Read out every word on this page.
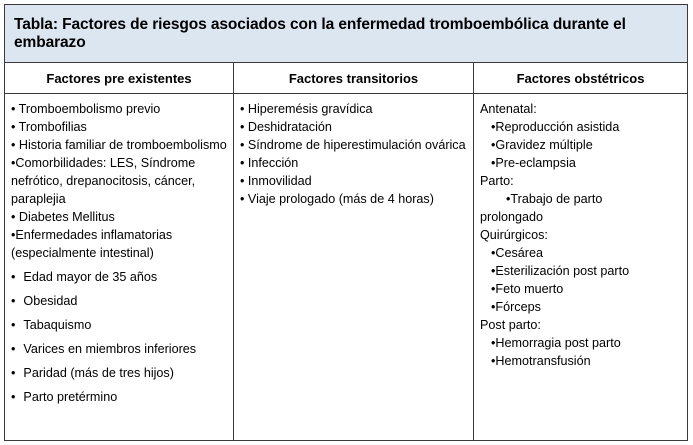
Tabla: Factores de riesgos asociados con la enfermedad tromboembólica durante el embarazo
Factores pre existentes
• Tromboembolismo previo
• Trombofilias
• Historia familiar de tromboembolismo
•Comorbilidades: LES, Síndrome nefrótico, drepanocitosis, cáncer, paraplejia
• Diabetes Mellitus
•Enfermedades inflamatorias (especialmente intestinal)
• Edad mayor de 35 años
• Obesidad
• Tabaquismo
• Varices en miembros inferiores
• Paridad (más de tres hijos)
• Parto pretérmino
Factores transitorios
• Hiperemésis gravídica
• Deshidratación
• Síndrome de hiperestimulación ovárica
• Infección
• Inmovilidad
• Viaje prologado (más de 4 horas)
Factores obstétricos
Antenatal:
•Reproducción asistida
•Gravidez múltiple
•Pre-eclampsia
Parto:
•Trabajo de parto
prolongado
Quirúrgicos:
•Cesárea
•Esterilización post parto
•Feto muerto
•Fórceps
Post parto:
•Hemorragia post parto
•Hemotransfusión
